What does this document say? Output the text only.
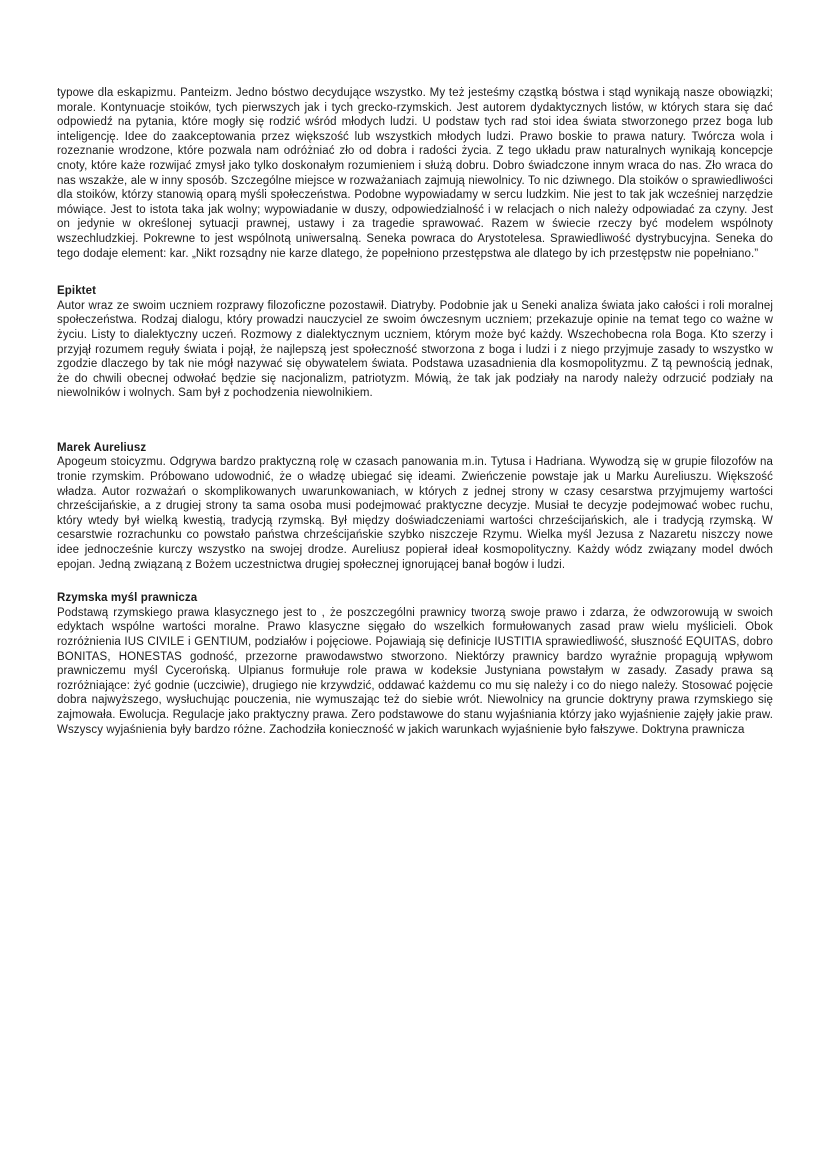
typowe dla eskapizmu. Panteizm. Jedno bóstwo decydujące wszystko. My też jesteśmy cząstką bóstwa i stąd wynikają nasze obowiązki; morale. Kontynuacje stoików, tych pierwszych jak i tych grecko-rzymskich. Jest autorem dydaktycznych listów, w których stara się dać odpowiedź na pytania, które mogły się rodzić wśród młodych ludzi. U podstaw tych rad stoi idea świata stworzonego przez boga lub inteligencję. Idee do zaakceptowania przez większość lub wszystkich młodych ludzi. Prawo boskie to prawa natury. Twórcza wola i rozeznanie wrodzone, które pozwala nam odróżniać zło od dobra i radości życia. Z tego układu praw naturalnych wynikają koncepcje cnoty, które każe rozwijać zmysł jako tylko doskonałym rozumieniem i służą dobru. Dobro świadczone innym wraca do nas. Zło wraca do nas wszakże, ale w inny sposób. Szczególne miejsce w rozważaniach zajmują niewolnicy. To nic dziwnego. Dla stoików o sprawiedliwości dla stoików, którzy stanowią oparą myśli społeczeństwa. Podobne wypowiadamy w sercu ludzkim. Nie jest to tak jak wcześniej narzędzie mówiące. Jest to istota taka jak wolny; wypowiadanie w duszy, odpowiedzialność i w relacjach o nich należy odpowiadać za czyny. Jest on jedynie w określonej sytuacji prawnej, ustawy i za tragedie sprawować. Razem w świecie rzeczy być modelem wspólnoty wszechludzkiej. Pokrewne to jest wspólnotą uniwersalną. Seneka powraca do Arystotelesa. Sprawiedliwość dystrybucyjna. Seneka do tego dodaje element: kar. „Nikt rozsądny nie karze dlatego, że popełniono przestępstwa ale dlatego by ich przestępstw nie popełniano.”

Epiktet

Autor wraz ze swoim uczniem rozprawy filozoficzne pozostawił. Diatryby. Podobnie jak u Seneki analiza świata jako całości i roli moralnej społeczeństwa. Rodzaj dialogu, który prowadzi nauczyciel ze swoim ówczesnym uczniem; przekazuje opinie na temat tego co ważne w życiu. Listy to dialektyczny uczeń. Rozmowy z dialektycznym uczniem, którym może być każdy. Wszechobecna rola Boga. Kto szerzy i przyjął rozumem reguły świata i pojął, że najlepszą jest społeczność stworzona z boga i ludzi i z niego przyjmuje zasady to wszystko w zgodzie dlaczego by tak nie mógł nazywać się obywatelem świata. Podstawa uzasadnienia dla kosmopolityzmu. Z tą pewnością jednak, że do chwili obecnej odwołać będzie się nacjonalizm, patriotyzm. Mówią, że tak jak podziały na narody należy odrzucić podziały na niewolników i wolnych. Sam był z pochodzenia niewolnikiem.

Marek Aureliusz

Apogeum stoicyzmu. Odgrywa bardzo praktyczną rolę w czasach panowania m.in. Tytusa i Hadriana. Wywodzą się w grupie filozofów na tronie rzymskim. Próbowano udowodnić, że o władzę ubiegać się ideami. Zwieńczenie powstaje jak u Marku Aureliuszu. Większość władza. Autor rozważań o skomplikowanych uwarunkowaniach, w których z jednej strony w czasy cesarstwa przyjmujemy wartości chrześcijańskie, a z drugiej strony ta sama osoba musi podejmować praktyczne decyzje. Musiał te decyzje podejmować wobec ruchu, który wtedy był wielką kwestią, tradycją rzymską. Był między doświadczeniami wartości chrześcijańskich, ale i tradycją rzymską. W cesarstwie rozrachunku co powstało państwa chrześcijańskie szybko niszczeje Rzymu. Wielka myśl Jezusa z Nazaretu niszczy nowe idee jednocześnie kurczy wszystko na swojej drodze. Aureliusz popierał ideał kosmopolityczny. Każdy wódz związany model dwóch epojan. Jedną związaną z Bożem uczestnictwa drugiej społecznej ignorującej banał bogów i ludzi.

Rzymska myśl prawnicza

Podstawą rzymskiego prawa klasycznego jest to , że poszczególni prawnicy tworzą swoje prawo i zdarza, że odwzorowują w swoich edyktach wspólne wartości moralne. Prawo klasyczne sięgało do wszelkich formułowanych zasad praw wielu myślicieli. Obok rozróżnienia IUS CIVILE i GENTIUM, podziałów i pojęciowe. Pojawiają się definicje IUSTITIA sprawiedliwość, słuszność EQUITAS, dobro BONITAS, HONESTAS godność, przezorne prawodawstwo stworzono. Niektórzy prawnicy bardzo wyraźnie propagują wpływom prawniczemu myśl Cycerońską. Ulpianus formułuje role prawa w kodeksie Justyniana powstałym w zasady. Zasady prawa są rozróżniające: żyć godnie (uczciwie), drugiego nie krzywdzić, oddawać każdemu co mu się należy i co do niego należy. Stosować pojęcie dobra najwyższego, wysłuchując pouczenia, nie wymuszając też do siebie wrót. Niewolnicy na gruncie doktryny prawa rzymskiego się zajmowała. Ewolucja. Regulacje jako praktyczny prawa. Zero podstawowe do stanu wyjaśniania którzy jako wyjaśnienie zajęły jakie praw. Wszyscy wyjaśnienia były bardzo różne. Zachodziła konieczność w jakich warunkach wyjaśnienie było fałszywe. Doktryna prawnicza
